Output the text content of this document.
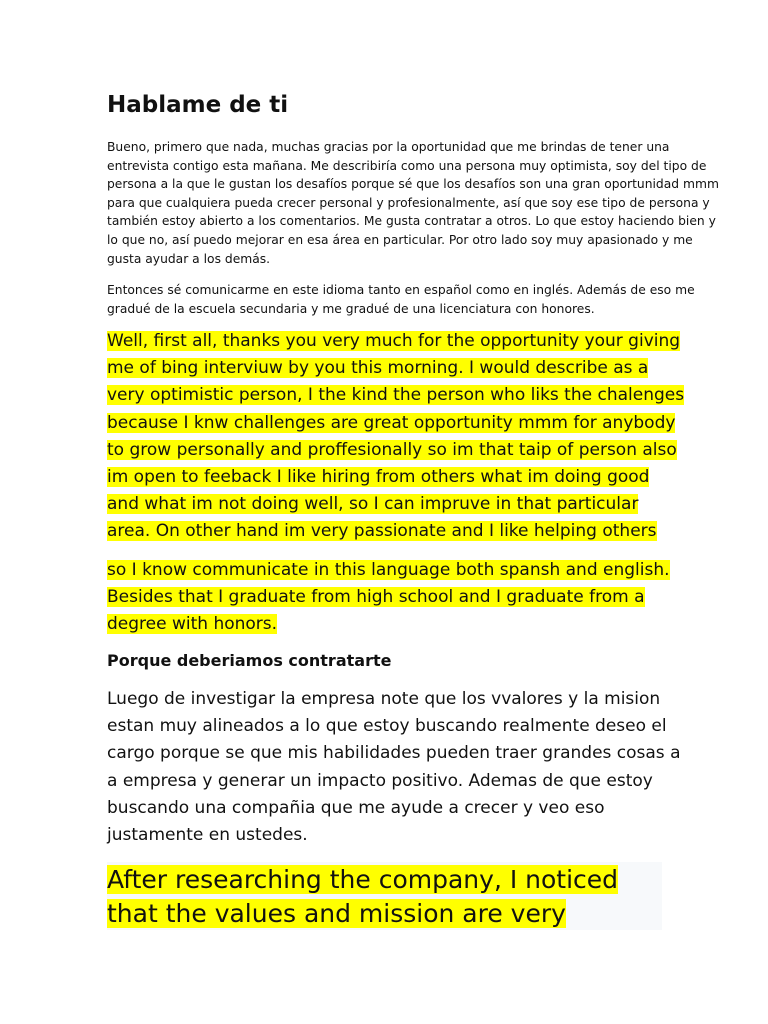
Hablame de ti
Bueno, primero que nada, muchas gracias por la oportunidad que me brindas de tener una
entrevista contigo esta mañana. Me describiría como una persona muy optimista, soy del tipo de
persona a la que le gustan los desafíos porque sé que los desafíos son una gran oportunidad mmm
para que cualquiera pueda crecer personal y profesionalmente, así que soy ese tipo de persona y
también estoy abierto a los comentarios. Me gusta contratar a otros. Lo que estoy haciendo bien y
lo que no, así puedo mejorar en esa área en particular. Por otro lado soy muy apasionado y me
gusta ayudar a los demás.
Entonces sé comunicarme en este idioma tanto en español como en inglés. Además de eso me
gradué de la escuela secundaria y me gradué de una licenciatura con honores.
Well, first all, thanks you very much for the opportunity your giving
me of bing interviuw by you this morning. I would describe as a
very optimistic person, I the kind the person who liks the chalenges
because I knw challenges are great opportunity mmm for anybody
to grow personally and proffesionally so im that taip of person also
im open to feeback I like hiring from others what im doing good
and what im not doing well, so I can impruve in that particular
area. On other hand im very passionate and I like helping others
so I know communicate in this language both spansh and english.
Besides that I graduate from high school and I graduate from a
degree with honors.
Porque deberiamos contratarte
Luego de investigar la empresa note que los vvalores y la mision
estan muy alineados a lo que estoy buscando realmente deseo el
cargo porque se que mis habilidades pueden traer grandes cosas a
a empresa y generar un impacto positivo. Ademas de que estoy
buscando una compañia que me ayude a crecer y veo eso
justamente en ustedes.
After researching the company, I noticed
that the values and mission are very
